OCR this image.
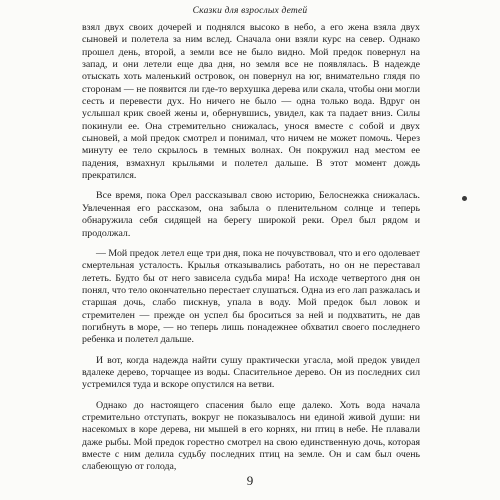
Сказки для взрослых детей

взял двух своих дочерей и поднялся высоко в небо, а его жена взяла двух сыновей и полетела за ним вслед. Сначала они взяли курс на север. Однако прошел день, второй, а земли все не было видно. Мой предок повернул на запад, и они летели еще два дня, но земля все не появлялась. В надежде отыскать хоть маленький островок, он повернул на юг, внимательно глядя по сторонам — не появится ли где-то верхушка дерева или скала, чтобы они могли сесть и перевести дух. Но ничего не было — одна только вода. Вдруг он услышал крик своей жены и, обернувшись, увидел, как та падает вниз. Силы покинули ее. Она стремительно снижалась, унося вместе с собой и двух сыновей, а мой предок смотрел и понимал, что ничем не может помочь. Через минуту ее тело скрылось в темных волнах. Он покружил над местом ее падения, взмахнул крыльями и полетел дальше. В этот момент дождь прекратился.

Все время, пока Орел рассказывал свою историю, Белоснежка снижалась. Увлеченная его рассказом, она забыла о пленительном солнце и теперь обнаружила себя сидящей на берегу широкой реки. Орел был рядом и продолжал.

— Мой предок летел еще три дня, пока не почувствовал, что и его одолевает смертельная усталость. Крылья отказывались работать, но он не переставал лететь. Будто бы от него зависела судьба мира! На исходе четвертого дня он понял, что тело окончательно перестает слушаться. Одна из его лап разжалась и старшая дочь, слабо пискнув, упала в воду. Мой предок был ловок и стремителен — прежде он успел бы броситься за ней и подхватить, не дав погибнуть в море, — но теперь лишь понадежнее обхватил своего последнего ребенка и полетел дальше.

И вот, когда надежда найти сушу практически угасла, мой предок увидел вдалеке дерево, торчащее из воды. Спасительное дерево. Он из последних сил устремился туда и вскоре опустился на ветви.

Однако до настоящего спасения было еще далеко. Хоть вода начала стремительно отступать, вокруг не показывалось ни единой живой души: ни насекомых в коре дерева, ни мышей в его корнях, ни птиц в небе. Не плавали даже рыбы. Мой предок горестно смотрел на свою единственную дочь, которая вместе с ним делила судьбу последних птиц на земле. Он и сам был очень слабеющую от голода,

9
